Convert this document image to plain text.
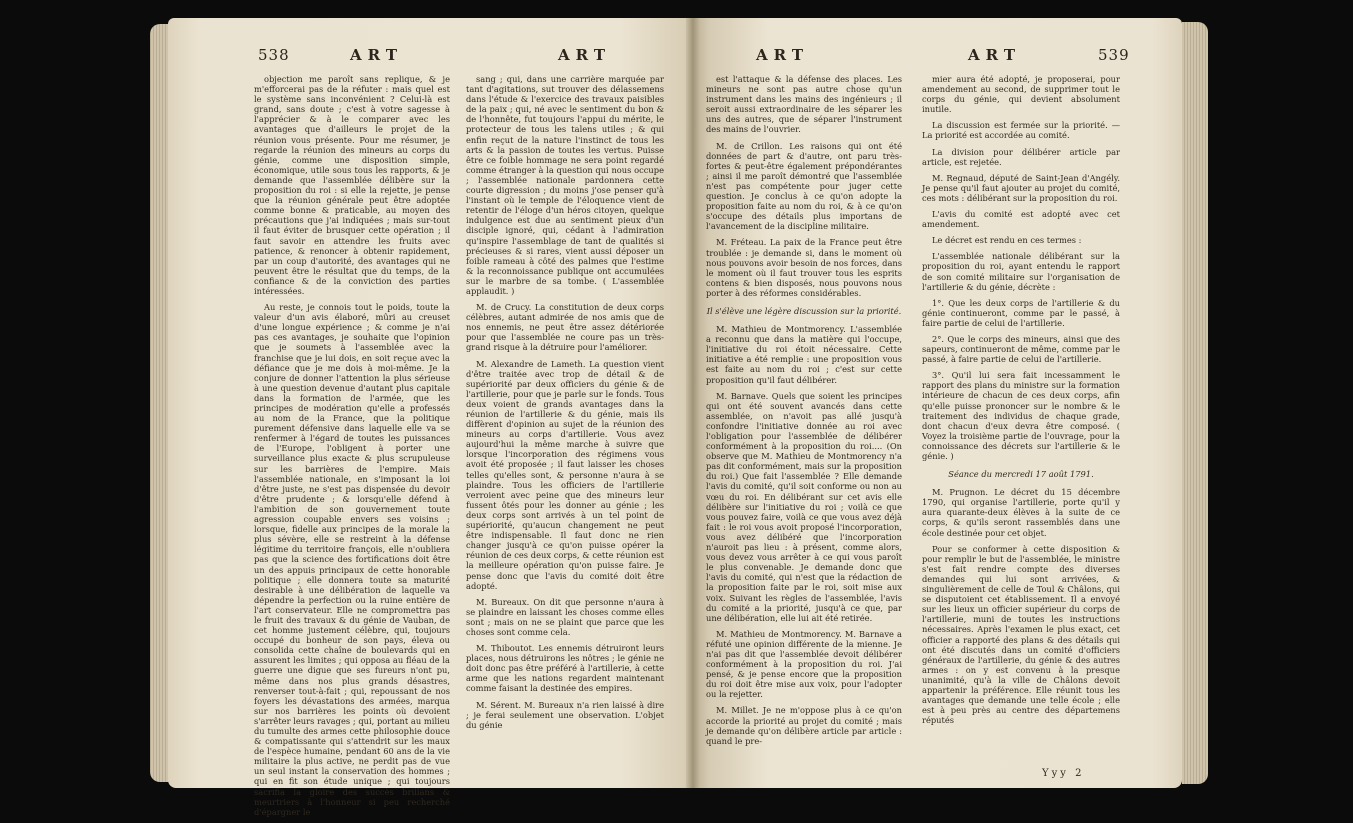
538	ART	ART

objection me paroît sans replique, & je m'efforcerai pas de la réfuter : mais quel est le système sans inconvénient ? Celui-là est grand, sans doute ; c'est à votre sagesse à l'apprécier & à le comparer avec les avantages que d'ailleurs le projet de la réunion vous présente. Pour me résumer, je regarde la réunion des mineurs au corps du génie, comme une disposition simple, économique, utile sous tous les rapports, & je demande que l'assemblée délibère sur la proposition du roi : si elle la rejette, je pense que la réunion générale peut être adoptée comme bonne & praticable, au moyen des précautions que j'ai indiquées ; mais sur-tout il faut éviter de brusquer cette opération ; il faut savoir en attendre les fruits avec patience, & renoncer à obtenir rapidement, par un coup d'autorité, des avantages qui ne peuvent être le résultat que du temps, de la confiance & de la conviction des parties intéressées.

Au reste, je connois tout le poids, toute la valeur d'un avis élaboré, mûri au creuset d'une longue expérience ; & comme je n'ai pas ces avantages, je souhaite que l'opinion que je soumets à l'assemblée avec la franchise que je lui dois, en soit reçue avec la défiance que je me dois à moi-même. Je la conjure de donner l'attention la plus sérieuse à une question devenue d'autant plus capitale dans la formation de l'armée, que les principes de modération qu'elle a professés au nom de la France, que la politique purement défensive dans laquelle elle va se renfermer à l'égard de toutes les puissances de l'Europe, l'obligent à porter une surveillance plus exacte & plus scrupuleuse sur les barrières de l'empire. Mais l'assemblée nationale, en s'imposant la loi d'être juste, ne s'est pas dispensée du devoir d'être prudente ; & lorsqu'elle défend à l'ambition de son gouvernement toute agression coupable envers ses voisins ; lorsque, fidelle aux principes de la morale la plus sévère, elle se restreint à la défense légitime du territoire françois, elle n'oubliera pas que la science des fortifications doit être un des appuis principaux de cette honorable politique ; elle donnera toute sa maturité desirable à une délibération de laquelle va dépendre la perfection ou la ruine entière de l'art conservateur. Elle ne compromettra pas le fruit des travaux & du génie de Vauban, de cet homme justement célèbre, qui, toujours occupé du bonheur de son pays, éleva ou consolida cette chaîne de boulevards qui en assurent les limites ; qui opposa au fléau de la guerre une digue que ses fureurs n'ont pu, même dans nos plus grands désastres, renverser tout-à-fait ; qui, repoussant de nos foyers les dévastations des armées, marqua sur nos barrières les points où devoient s'arrêter leurs ravages ; qui, portant au milieu du tumulte des armes cette philosophie douce & compatissante qui s'attendrit sur les maux de l'espèce humaine, pendant 60 ans de la vie militaire la plus active, ne perdit pas de vue un seul instant la conservation des hommes ; qui en fit son étude unique ; qui toujours sacrifia la gloire des succès brillans & meurtriers à l'honneur si peu recherché d'épargner le

sang ; qui, dans une carrière marquée par tant d'agitations, sut trouver des délassemens dans l'étude & l'exercice des travaux paisibles de la paix ; qui, né avec le sentiment du bon & de l'honnête, fut toujours l'appui du mérite, le protecteur de tous les talens utiles ; & qui enfin reçut de la nature l'instinct de tous les arts & la passion de toutes les vertus. Puisse être ce foible hommage ne sera point regardé comme étranger à la question qui nous occupe ; l'assemblée nationale pardonnera cette courte digression ; du moins j'ose penser qu'à l'instant où le temple de l'éloquence vient de retentir de l'éloge d'un héros citoyen, quelque indulgence est due au sentiment pieux d'un disciple ignoré, qui, cédant à l'admiration qu'inspire l'assemblage de tant de qualités si précieuses & si rares, vient aussi déposer un foible rameau à côté des palmes que l'estime & la reconnoissance publique ont accumulées sur le marbre de sa tombe. ( L'assemblée applaudit. )

M. de Crucy. La constitution de deux corps célèbres, autant admirée de nos amis que de nos ennemis, ne peut être assez détériorée pour que l'assemblée ne coure pas un très-grand risque à la détruire pour l'améliorer.

M. Alexandre de Lameth. La question vient d'être traitée avec trop de détail & de supériorité par deux officiers du génie & de l'artillerie, pour que je parle sur le fonds. Tous deux voient de grands avantages dans la réunion de l'artillerie & du génie, mais ils diffèrent d'opinion au sujet de la réunion des mineurs au corps d'artillerie. Vous avez aujourd'hui la même marche à suivre que lorsque l'incorporation des régimens vous avoit été proposée ; il faut laisser les choses telles qu'elles sont, & personne n'aura à se plaindre. Tous les officiers de l'artillerie verroient avec peine que des mineurs leur fussent ôtés pour les donner au génie ; les deux corps sont arrivés à un tel point de supériorité, qu'aucun changement ne peut être indispensable. Il faut donc ne rien changer jusqu'à ce qu'on puisse opérer la réunion de ces deux corps, & cette réunion est la meilleure opération qu'on puisse faire. Je pense donc que l'avis du comité doit être adopté.

M. Bureaux. On dit que personne n'aura à se plaindre en laissant les choses comme elles sont ; mais on ne se plaint que parce que les choses sont comme cela.

M. Thiboutot. Les ennemis détruiront leurs places, nous détruirons les nôtres ; le génie ne doit donc pas être préféré à l'artillerie, à cette arme que les nations regardent maintenant comme faisant la destinée des empires.

M. Sérent. M. Bureaux n'a rien laissé à dire ; je ferai seulement une observation. L'objet du génie

ART	ART	539

est l'attaque & la défense des places. Les mineurs ne sont pas autre chose qu'un instrument dans les mains des ingénieurs ; il seroit aussi extraordinaire de les séparer les uns des autres, que de séparer l'instrument des mains de l'ouvrier.

M. de Crillon. Les raisons qui ont été données de part & d'autre, ont paru très-fortes & peut-être également prépondérantes ; ainsi il me paroît démontré que l'assemblée n'est pas compétente pour juger cette question. Je conclus à ce qu'on adopte la proposition faite au nom du roi, & à ce qu'on s'occupe des détails plus importans de l'avancement de la discipline militaire.

M. Fréteau. La paix de la France peut être troublée : je demande si, dans le moment où nous pouvons avoir besoin de nos forces, dans le moment où il faut trouver tous les esprits contens & bien disposés, nous pouvons nous porter à des réformes considérables.

Il s'élève une légère discussion sur la priorité.

M. Mathieu de Montmorency. L'assemblée a reconnu que dans la matière qui l'occupe, l'initiative du roi étoit nécessaire. Cette initiative a été remplie : une proposition vous est faite au nom du roi ; c'est sur cette proposition qu'il faut délibérer.

M. Barnave. Quels que soient les principes qui ont été souvent avancés dans cette assemblée, on n'avoit pas allé jusqu'à confondre l'initiative donnée au roi avec l'obligation pour l'assemblée de délibérer conformément à la proposition du roi.... (On observe que M. Mathieu de Montmorency n'a pas dit conformément, mais sur la proposition du roi.) Que fait l'assemblée ? Elle demande l'avis du comité, qu'il soit conforme ou non au vœu du roi. En délibérant sur cet avis elle délibère sur l'initiative du roi ; voilà ce que vous pouvez faire, voilà ce que vous avez déjà fait : le roi vous avoit proposé l'incorporation, vous avez délibéré que l'incorporation n'auroit pas lieu : à présent, comme alors, vous devez vous arrêter à ce qui vous paroît le plus convenable. Je demande donc que l'avis du comité, qui n'est que la rédaction de la proposition faite par le roi, soit mise aux voix. Suivant les règles de l'assemblée, l'avis du comité a la priorité, jusqu'à ce que, par une délibération, elle lui ait été retirée.

M. Mathieu de Montmorency. M. Barnave a réfuté une opinion différente de la mienne. Je n'ai pas dit que l'assemblée devoit délibérer conformément à la proposition du roi. J'ai pensé, & je pense encore que la proposition du roi doit être mise aux voix, pour l'adopter ou la rejetter.

M. Millet. Je ne m'oppose plus à ce qu'on accorde la priorité au projet du comité ; mais je demande qu'on délibère article par article : quand le pre-

mier aura été adopté, je proposerai, pour amendement au second, de supprimer tout le corps du génie, qui devient absolument inutile.

La discussion est fermée sur la priorité. — La priorité est accordée au comité.

La division pour délibérer article par article, est rejetée.

M. Regnaud, député de Saint-Jean d'Angély. Je pense qu'il faut ajouter au projet du comité, ces mots : délibérant sur la proposition du roi.

L'avis du comité est adopté avec cet amendement.

Le décret est rendu en ces termes :

L'assemblée nationale délibérant sur la proposition du roi, ayant entendu le rapport de son comité militaire sur l'organisation de l'artillerie & du génie, décrète :

1°. Que les deux corps de l'artillerie & du génie continueront, comme par le passé, à faire partie de celui de l'artillerie.

2°. Que le corps des mineurs, ainsi que des sapeurs, continueront de même, comme par le passé, à faire partie de celui de l'artillerie.

3°. Qu'il lui sera fait incessamment le rapport des plans du ministre sur la formation intérieure de chacun de ces deux corps, afin qu'elle puisse prononcer sur le nombre & le traitement des individus de chaque grade, dont chacun d'eux devra être composé. ( Voyez la troisième partie de l'ouvrage, pour la connoissance des décrets sur l'artillerie & le génie. )

Séance du mercredi 17 août 1791.

M. Prugnon. Le décret du 15 décembre 1790, qui organise l'artillerie, porte qu'il y aura quarante-deux élèves à la suite de ce corps, & qu'ils seront rassemblés dans une école destinée pour cet objet.

Pour se conformer à cette disposition & pour remplir le but de l'assemblée, le ministre s'est fait rendre compte des diverses demandes qui lui sont arrivées, & singulièrement de celle de Toul & Châlons, qui se disputoient cet établissement. Il a envoyé sur les lieux un officier supérieur du corps de l'artillerie, muni de toutes les instructions nécessaires. Après l'examen le plus exact, cet officier a rapporté des plans & des détails qui ont été discutés dans un comité d'officiers généraux de l'artillerie, du génie & des autres armes : on y est convenu à la presque unanimité, qu'à la ville de Châlons devoit appartenir la préférence. Elle réunit tous les avantages que demande une telle école ; elle est à peu près au centre des départemens réputés

Yyy 2
